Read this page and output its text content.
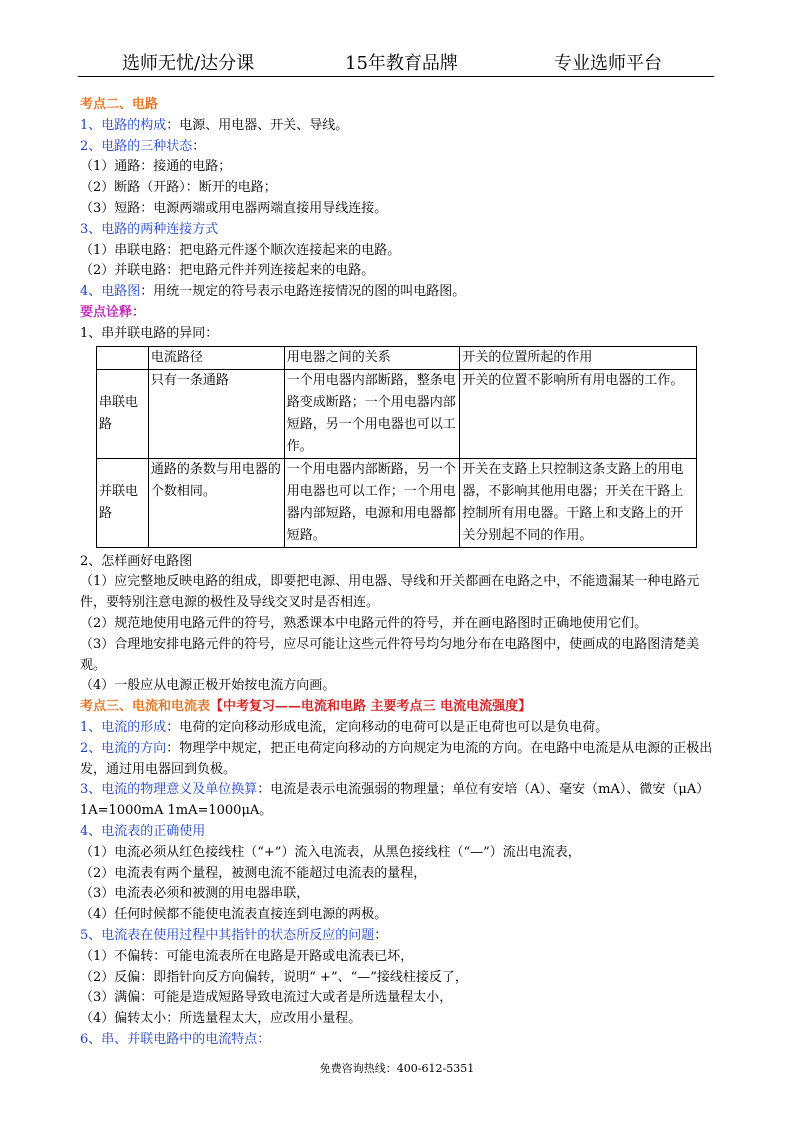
选师无忧/达分课	15年教育品牌	专业选师平台
考点二、电路
1、电路的构成：电源、用电器、开关、导线。
2、电路的三种状态：
（1）通路：接通的电路；
（2）断路（开路）：断开的电路；
（3）短路：电源两端或用电器两端直接用导线连接。
3、电路的两种连接方式
（1）串联电路：把电路元件逐个顺次连接起来的电路。
（2）并联电路：把电路元件并列连接起来的电路。
4、电路图：用统一规定的符号表示电路连接情况的图的叫电路图。
要点诠释：
1、串并联电路的异同：
	电流路径	用电器之间的关系	开关的位置所起的作用
串联电路	只有一条通路	一个用电器内部断路，整条电路变成断路；一个用电器内部短路，另一个用电器也可以工作。	开关的位置不影响所有用电器的工作。
并联电路	通路的条数与用电器的个数相同。	一个用电器内部断路，另一个用电器也可以工作；一个用电器内部短路，电源和用电器都短路。	开关在支路上只控制这条支路上的用电器，不影响其他用电器；开关在干路上控制所有用电器。干路上和支路上的开关分别起不同的作用。
2、怎样画好电路图
（1）应完整地反映电路的组成，即要把电源、用电器、导线和开关都画在电路之中，不能遗漏某一种电路元件，要特别注意电源的极性及导线交叉时是否相连。
（2）规范地使用电路元件的符号，熟悉课本中电路元件的符号，并在画电路图时正确地使用它们。
（3）合理地安排电路元件的符号，应尽可能让这些元件符号均匀地分布在电路图中，使画成的电路图清楚美观。
（4）一般应从电源正极开始按电流方向画。
考点三、电流和电流表【中考复习——电流和电路 主要考点三 电流电流强度】
1、电流的形成：电荷的定向移动形成电流，定向移动的电荷可以是正电荷也可以是负电荷。
2、电流的方向：物理学中规定，把正电荷定向移动的方向规定为电流的方向。在电路中电流是从电源的正极出发，通过用电器回到负极。
3、电流的物理意义及单位换算：电流是表示电流强弱的物理量；单位有安培（A）、毫安（mA）、微安（μA） 1A=1000mA 1mA=1000μA。
4、电流表的正确使用
（1）电流必须从红色接线柱（“+”）流入电流表，从黑色接线柱（“—”）流出电流表，
（2）电流表有两个量程，被测电流不能超过电流表的量程，
（3）电流表必须和被测的用电器串联，
（4）任何时候都不能使电流表直接连到电源的两极。
5、电流表在使用过程中其指针的状态所反应的问题：
（1）不偏转：可能电流表所在电路是开路或电流表已坏，
（2）反偏：即指针向反方向偏转，说明“ +”、“—”接线柱接反了，
（3）满偏：可能是造成短路导致电流过大或者是所选量程太小，
（4）偏转太小：所选量程太大，应改用小量程。
6、串、并联电路中的电流特点：
免费咨询热线：400-612-5351
